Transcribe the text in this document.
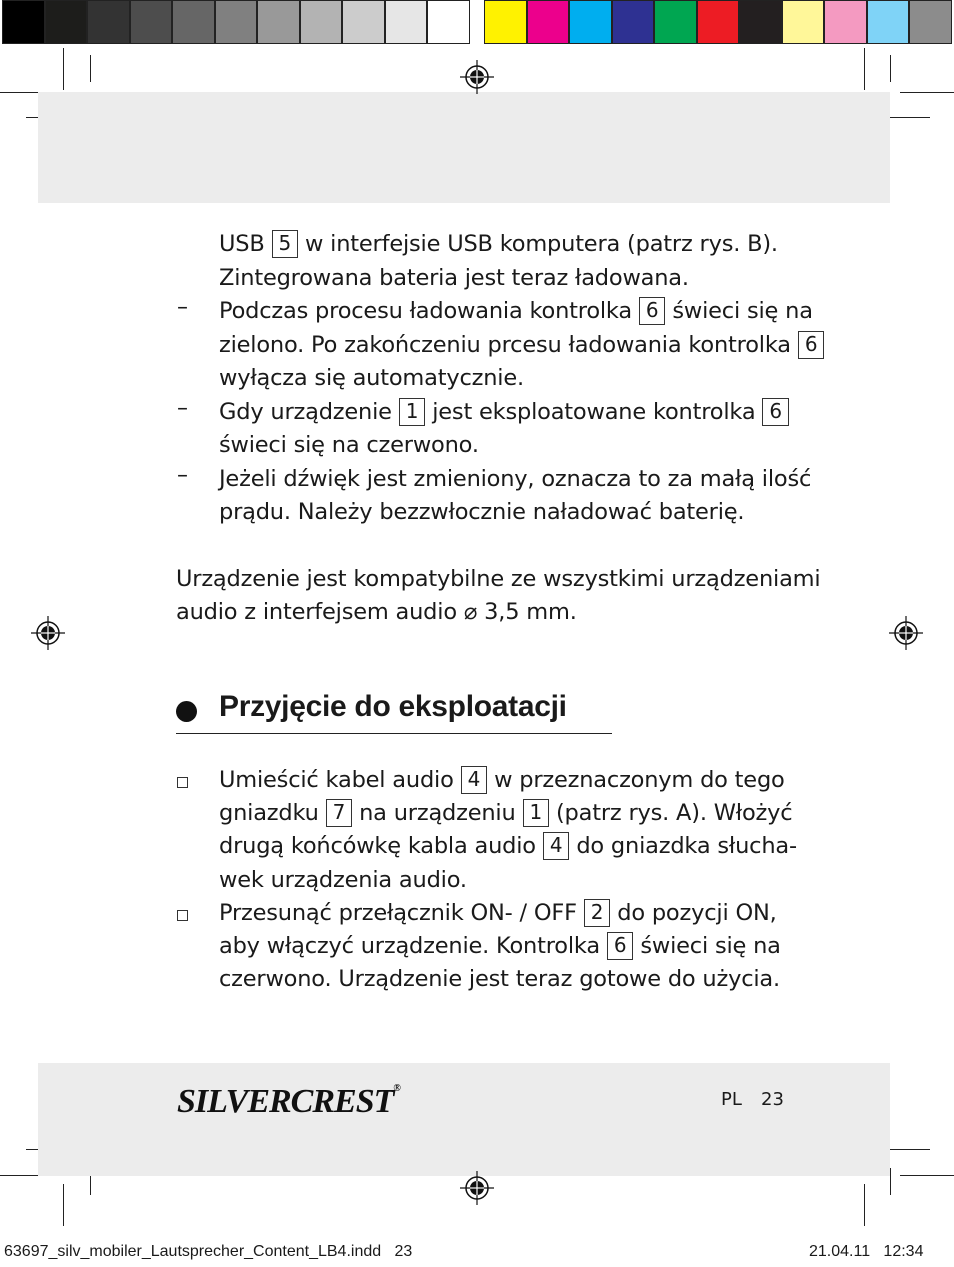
USB 5 w interfejsie USB komputera (patrz rys. B).
Zintegrowana bateria jest teraz ładowana.
– Podczas procesu ładowania kontrolka 6 świeci się na
zielono. Po zakończeniu prcesu ładowania kontrolka 6
wyłącza się automatycznie.
– Gdy urządzenie 1 jest eksploatowane kontrolka 6
świeci się na czerwono.
– Jeżeli dźwięk jest zmieniony, oznacza to za małą ilość
prądu. Należy bezzwłocznie naładować baterię.
Urządzenie jest kompatybilne ze wszystkimi urządzeniami
audio z interfejsem audio ⌀ 3,5 mm.
Przyjęcie do eksploatacji
Umieścić kabel audio 4 w przeznaczonym do tego
gniazdku 7 na urządzeniu 1 (patrz rys. A). Włożyć
drugą końcówkę kabla audio 4 do gniazdka słucha-
wek urządzenia audio.
Przesunąć przełącznik ON- / OFF 2 do pozycji ON,
aby włączyć urządzenie. Kontrolka 6 świeci się na
czerwono. Urządzenie jest teraz gotowe do użycia.
SILVERCREST®
PL 23
63697_silv_mobiler_Lautsprecher_Content_LB4.indd   23	21.04.11   12:34
